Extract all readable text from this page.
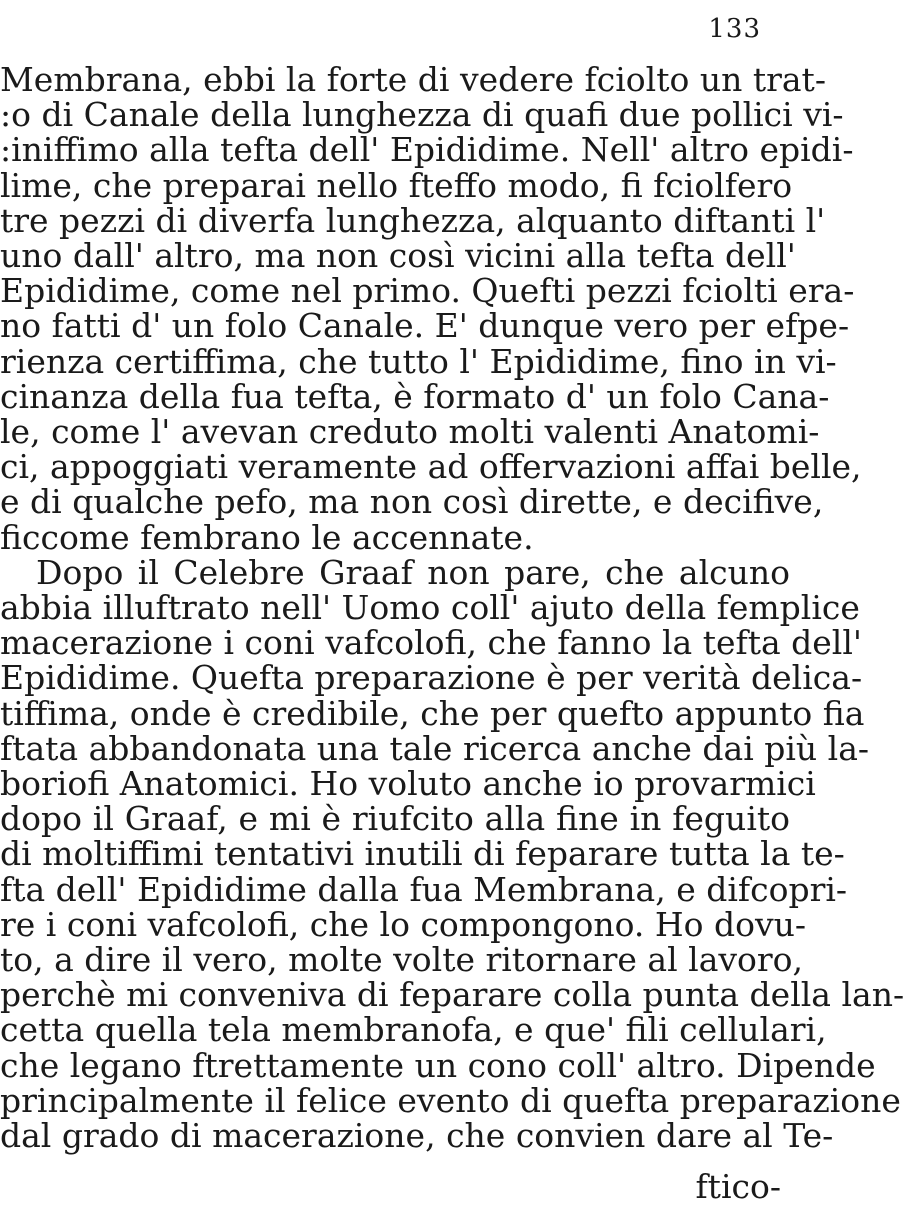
133
Membrana, ebbi la forte di vedere fciolto un trat-
:o di Canale della lunghezza di quafi due pollici vi-
:iniffimo alla tefta dell' Epididime. Nell' altro epidi-
lime, che preparai nello fteffo modo, fi fciolfero
tre pezzi di diverfa lunghezza, alquanto diftanti l'
uno dall' altro, ma non così vicini alla tefta dell'
Epididime, come nel primo. Quefti pezzi fciolti era-
no fatti d' un folo Canale. E' dunque vero per efpe-
rienza certiffima, che tutto l' Epididime, fino in vi-
cinanza della fua tefta, è formato d' un folo Cana-
le, come l' avevan creduto molti valenti Anatomi-
ci, appoggiati veramente ad offervazioni affai belle,
e di qualche pefo, ma non così dirette, e decifive,
ficcome fembrano le accennate.
Dopo il Celebre Graaf non pare, che alcuno
abbia illuftrato nell' Uomo coll' ajuto della femplice
macerazione i coni vafcolofi, che fanno la tefta dell'
Epididime. Quefta preparazione è per verità delica-
tiffima, onde è credibile, che per quefto appunto fia
ftata abbandonata una tale ricerca anche dai più la-
boriofi Anatomici. Ho voluto anche io provarmici
dopo il Graaf, e mi è riufcito alla fine in feguito
di moltiffimi tentativi inutili di feparare tutta la te-
fta dell' Epididime dalla fua Membrana, e difcopri-
re i coni vafcolofi, che lo compongono. Ho dovu-
to, a dire il vero, molte volte ritornare al lavoro,
perchè mi conveniva di feparare colla punta della lan-
cetta quella tela membranofa, e que' fili cellulari,
che legano ftrettamente un cono coll' altro. Dipende
principalmente il felice evento di quefta preparazione
dal grado di macerazione, che convien dare al Te-
ftico-
